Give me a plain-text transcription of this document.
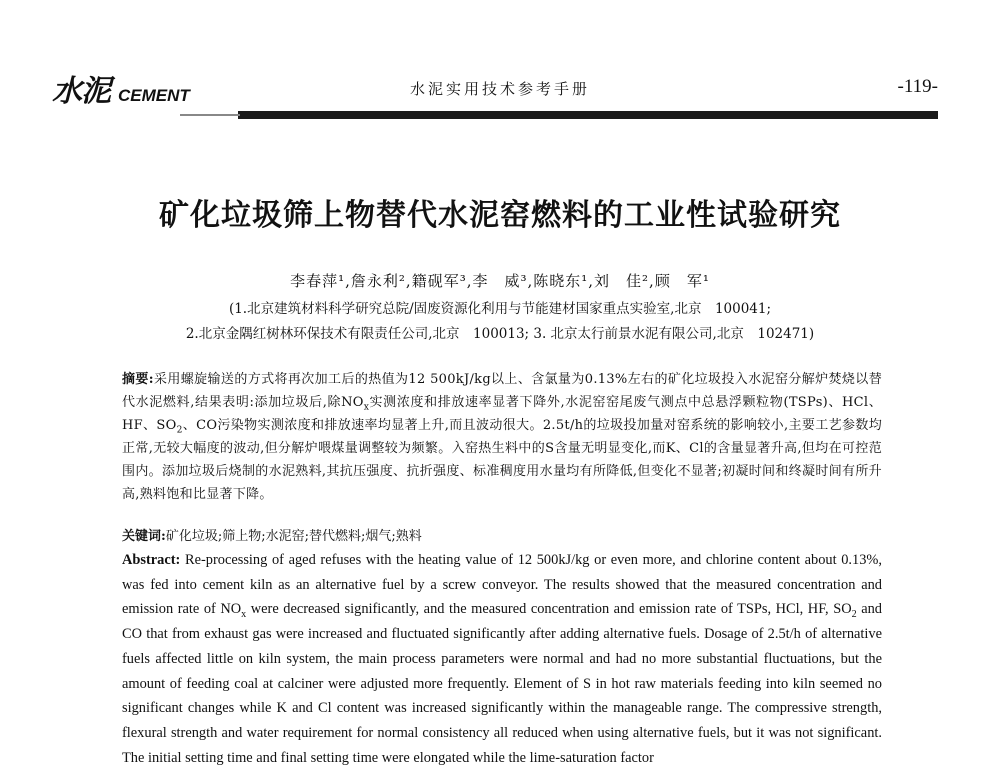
水泥 CEMENT	水泥实用技术参考手册	-119-
矿化垃圾筛上物替代水泥窑燃料的工业性试验研究
李春萍¹,詹永利²,籍砚军³,李　威³,陈晓东¹,刘　佳²,顾　军¹
(1.北京建筑材料科学研究总院/固废资源化利用与节能建材国家重点实验室,北京　100041;
2.北京金隅红树林环保技术有限责任公司,北京　100013; 3. 北京太行前景水泥有限公司,北京　102471)
摘要:采用螺旋输送的方式将再次加工后的热值为12 500kJ/kg以上、含氯量为0.13%左右的矿化垃圾投入水泥窑分解炉焚烧以替代水泥燃料,结果表明:添加垃圾后,除$NO_x$实测浓度和排放速率显著下降外,水泥窑窑尾废气测点中总悬浮颗粒物(TSPs)、HCl、HF、$SO_2$、CO污染物实测浓度和排放速率均显著上升,而且波动很大。2.5t/h的垃圾投加量对窑系统的影响较小,主要工艺参数均正常,无较大幅度的波动,但分解炉喂煤量调整较为频繁。入窑热生料中的S含量无明显变化,而K、Cl的含量显著升高,但均在可控范围内。添加垃圾后烧制的水泥熟料,其抗压强度、抗折强度、标准稠度用水量均有所降低,但变化不显著;初凝时间和终凝时间有所升高,熟料饱和比显著下降。
关键词:矿化垃圾;筛上物;水泥窑;替代燃料;烟气;熟料
Abstract: Re-processing of aged refuses with the heating value of 12 500kJ/kg or even more, and chlorine content about 0.13%, was fed into cement kiln as an alternative fuel by a screw conveyor. The results showed that the measured concentration and emission rate of $NO_x$ were decreased significantly, and the measured concentration and emission rate of TSPs, HCl, HF, $SO_2$ and CO that from exhaust gas were increased and fluctuated significantly after adding alternative fuels. Dosage of 2.5t/h of alternative fuels affected little on kiln system, the main process parameters were normal and had no more substantial fluctuations, but the amount of feeding coal at calciner were adjusted more frequently. Element of S in hot raw materials feeding into kiln seemed no significant changes while K and Cl content was increased significantly within the manageable range. The compressive strength, flexural strength and water requirement for normal consistency all reduced when using alternative fuels, but it was not significant. The initial setting time and final setting time were elongated while the lime-saturation factor
